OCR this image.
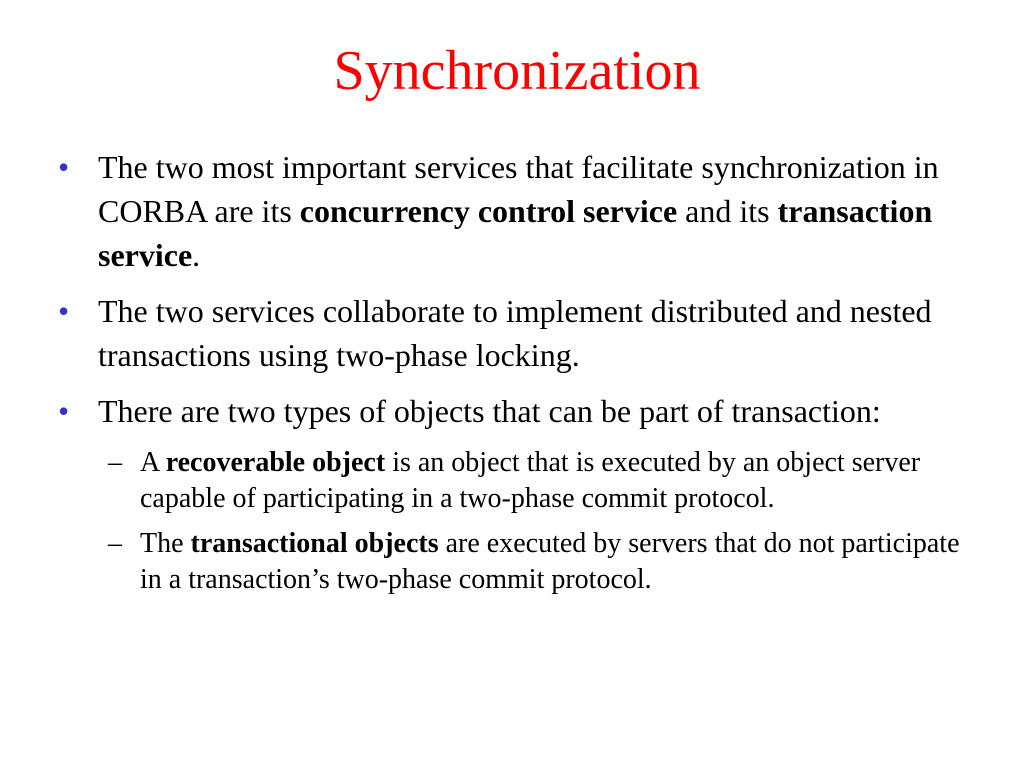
Synchronization
• The two most important services that facilitate synchronization in CORBA are its concurrency control service and its transaction service.
• The two services collaborate to implement distributed and nested transactions using two-phase locking.
• There are two types of objects that can be part of transaction:
– A recoverable object is an object that is executed by an object server capable of participating in a two-phase commit protocol.
– The transactional objects are executed by servers that do not participate in a transaction’s two-phase commit protocol.
